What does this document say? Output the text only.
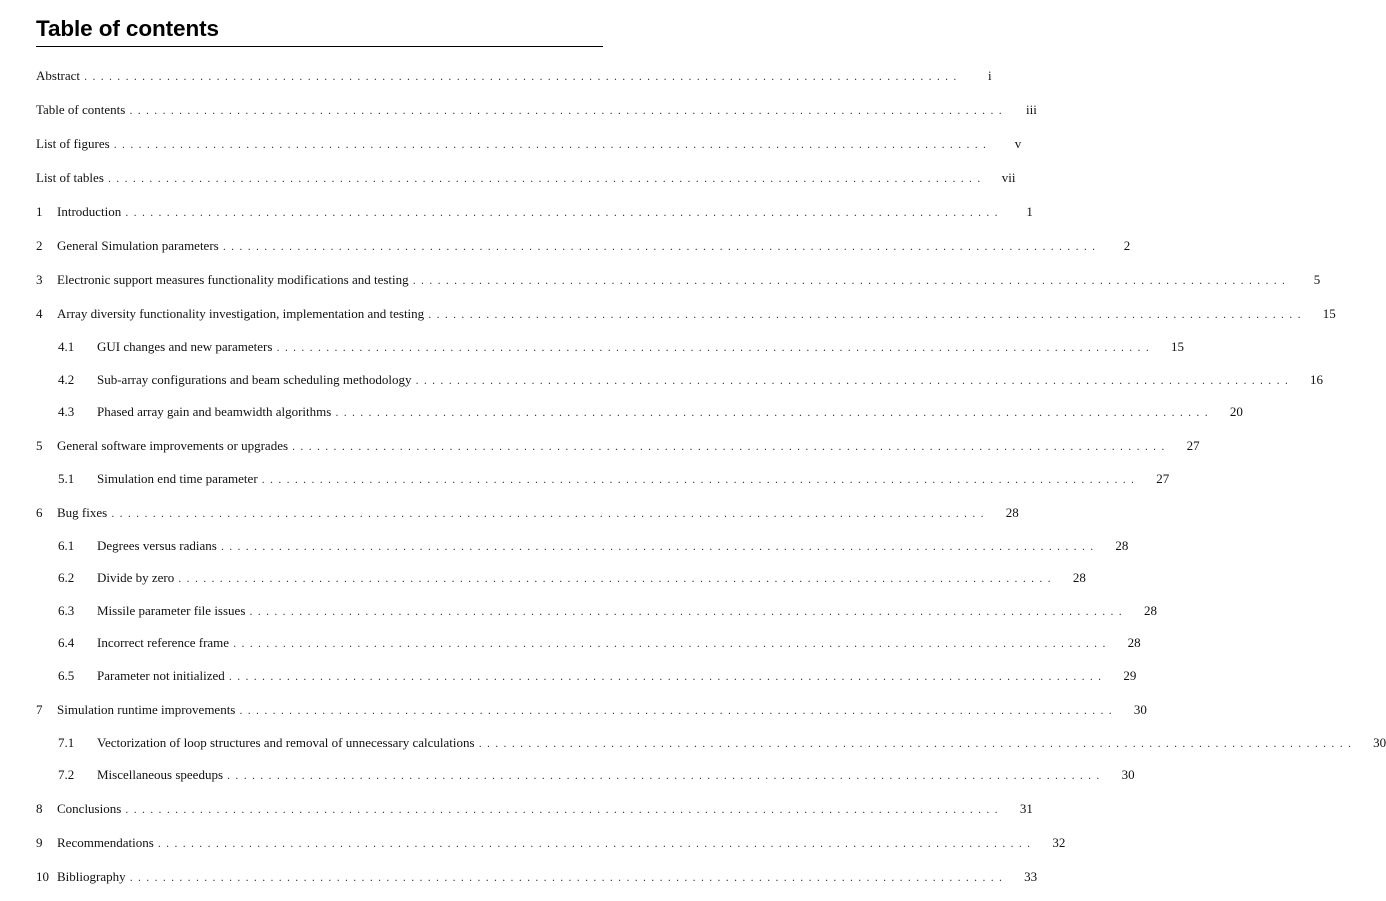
Table of contents
Abstract ..........................................................................................................	i
Table of contents ..........................................................................................................	iii
List of figures ..........................................................................................................	v
List of tables ..........................................................................................................	vii
1	Introduction ..........................................................................................................	1
2	General Simulation parameters ..........................................................................................................	2
3	Electronic support measures functionality modifications and testing ..........................................................................................................	5
4	Array diversity functionality investigation, implementation and testing ..........................................................................................................	15
4.1	GUI changes and new parameters ..........................................................................................................	15
4.2	Sub-array configurations and beam scheduling methodology ..........................................................................................................	16
4.3	Phased array gain and beamwidth algorithms ..........................................................................................................	20
5	General software improvements or upgrades ..........................................................................................................	27
5.1	Simulation end time parameter ..........................................................................................................	27
6	Bug fixes ..........................................................................................................	28
6.1	Degrees versus radians ..........................................................................................................	28
6.2	Divide by zero ..........................................................................................................	28
6.3	Missile parameter file issues ..........................................................................................................	28
6.4	Incorrect reference frame ..........................................................................................................	28
6.5	Parameter not initialized ..........................................................................................................	29
7	Simulation runtime improvements ..........................................................................................................	30
7.1	Vectorization of loop structures and removal of unnecessary calculations ..........................................................................................................	30
7.2	Miscellaneous speedups ..........................................................................................................	30
8	Conclusions ..........................................................................................................	31
9	Recommendations ..........................................................................................................	32
10 Bibliography ..........................................................................................................	33
